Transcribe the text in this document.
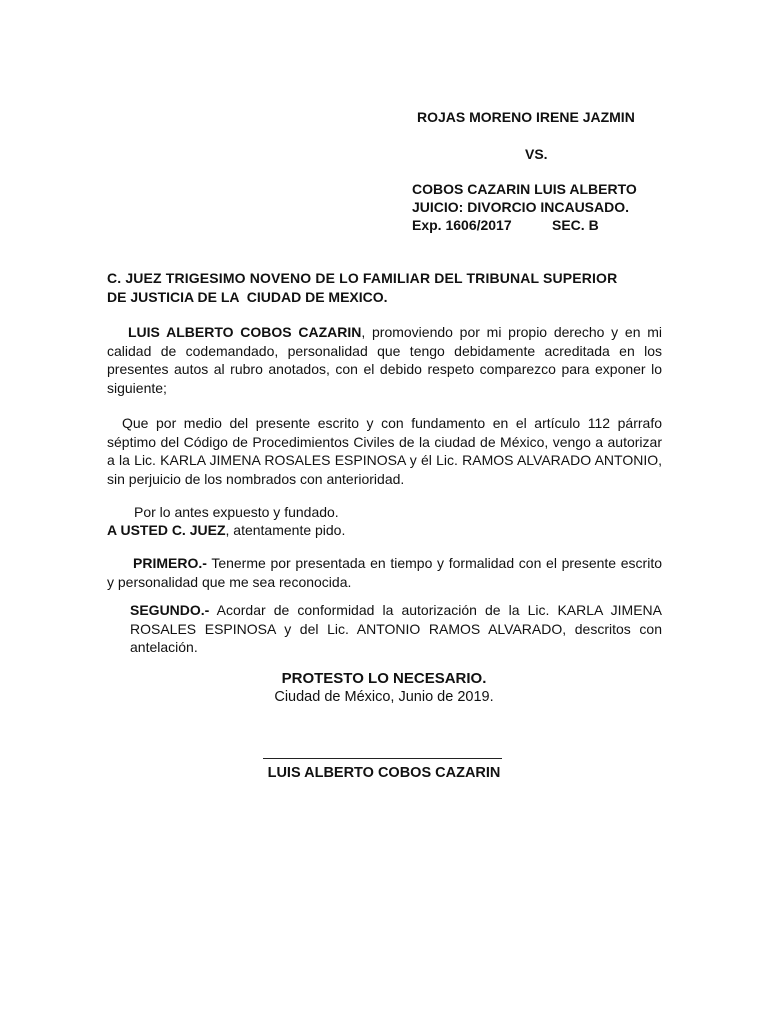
ROJAS MORENO IRENE JAZMIN
VS.
COBOS CAZARIN LUIS ALBERTO
JUICIO: DIVORCIO INCAUSADO.
Exp. 1606/2017	SEC. B
C. JUEZ TRIGESIMO NOVENO DE LO FAMILIAR DEL TRIBUNAL SUPERIOR
DE JUSTICIA DE LA  CIUDAD DE MEXICO.
LUIS ALBERTO COBOS CAZARIN, promoviendo por mi propio derecho y en mi calidad de codemandado, personalidad que tengo debidamente acreditada en los presentes autos al rubro anotados, con el debido respeto comparezco para exponer lo siguiente;
Que por medio del presente escrito y con fundamento en el artículo 112 párrafo séptimo del Código de Procedimientos Civiles de la ciudad de México, vengo a autorizar a la Lic. KARLA JIMENA ROSALES ESPINOSA y él Lic. RAMOS ALVARADO ANTONIO, sin perjuicio de los nombrados con anterioridad.
Por lo antes expuesto y fundado.
A USTED C. JUEZ, atentamente pido.
PRIMERO.- Tenerme por presentada en tiempo y formalidad con el presente escrito y personalidad que me sea reconocida.
SEGUNDO.- Acordar de conformidad la autorización de la Lic. KARLA JIMENA ROSALES ESPINOSA y del Lic. ANTONIO RAMOS ALVARADO, descritos con antelación.
PROTESTO LO NECESARIO.
Ciudad de México, Junio de 2019.
LUIS ALBERTO COBOS CAZARIN
